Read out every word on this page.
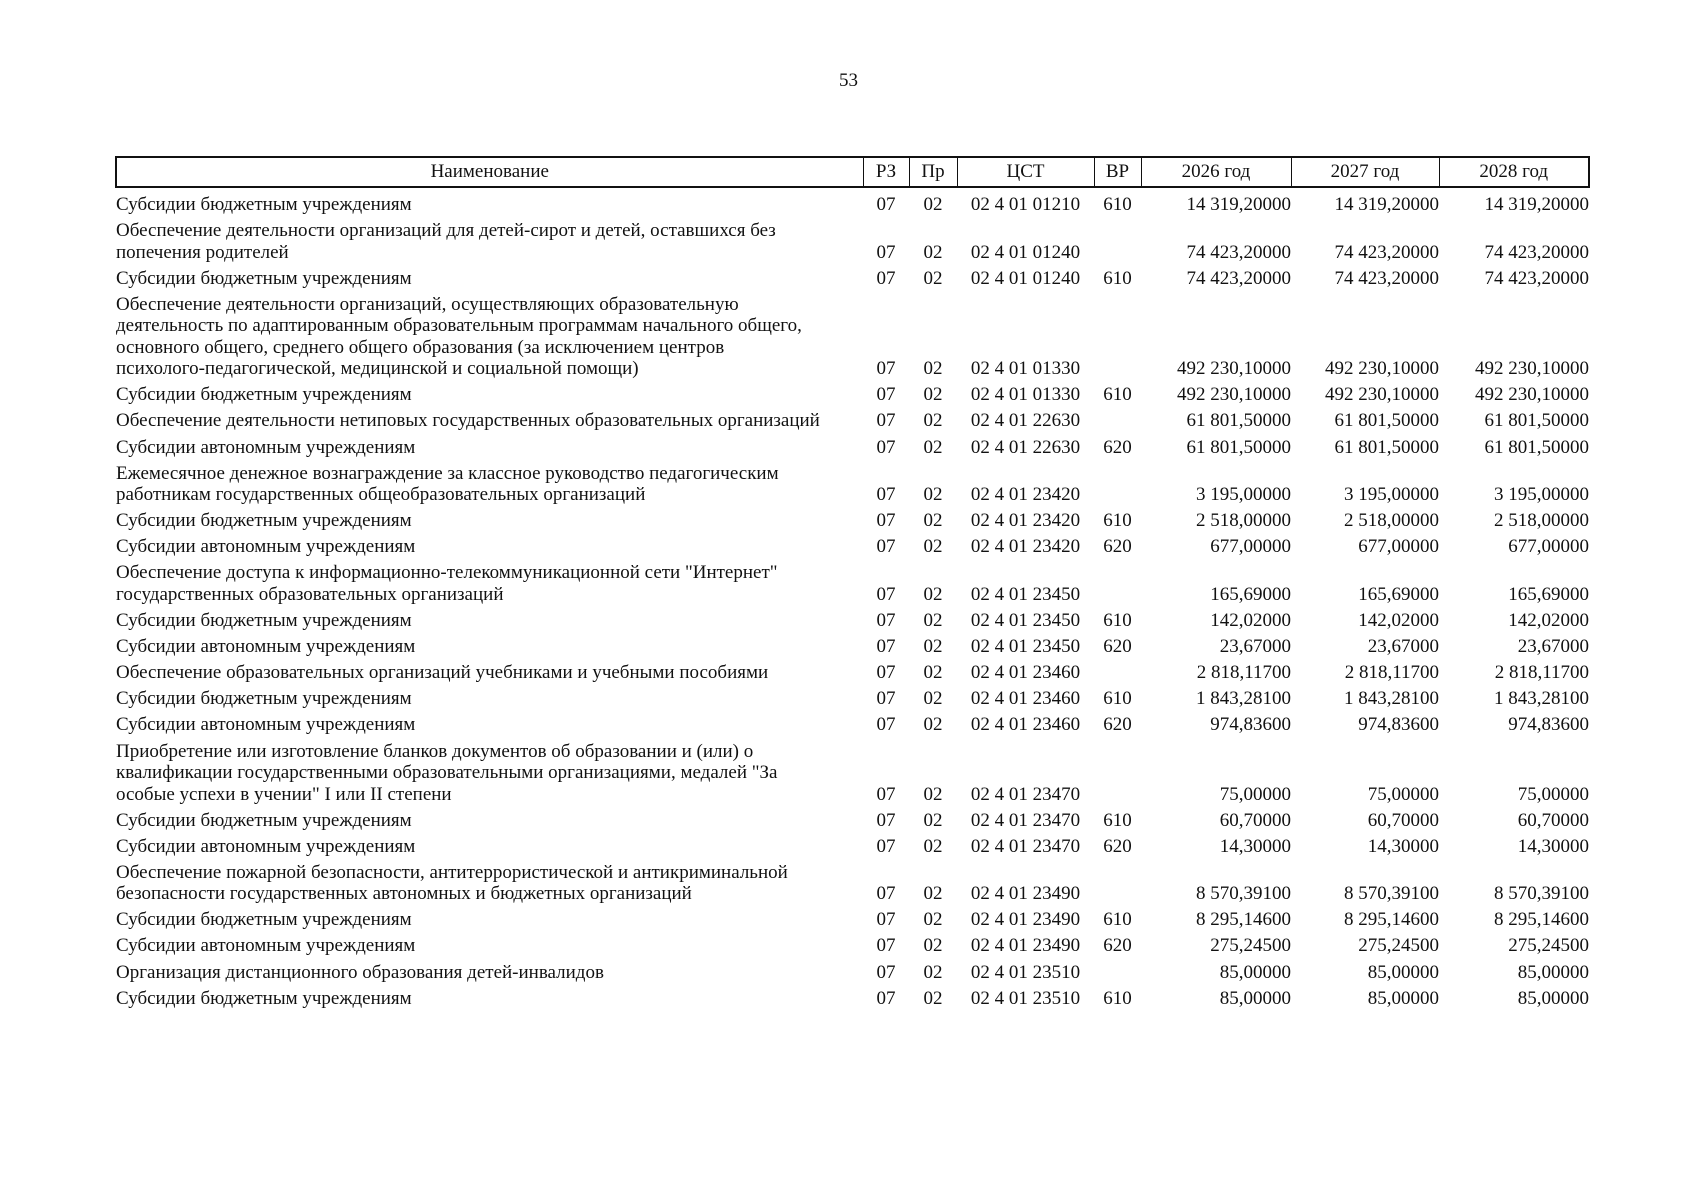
53
Наименование	РЗ	Пр	ЦСТ	ВР	2026 год	2027 год	2028 год

Субсидии бюджетным учреждениям	07	02	02 4 01 01210	610	14 319,20000	14 319,20000	14 319,20000

Обеспечение деятельности организаций для детей-сирот и детей, оставшихся без
попечения родителей	07	02	02 4 01 01240		74 423,20000	74 423,20000	74 423,20000

Субсидии бюджетным учреждениям	07	02	02 4 01 01240	610	74 423,20000	74 423,20000	74 423,20000

Обеспечение деятельности организаций, осуществляющих образовательную
деятельность по адаптированным образовательным программам начального общего,
основного общего, среднего общего образования (за исключением центров
психолого-педагогической, медицинской и социальной помощи)	07	02	02 4 01 01330		492 230,10000	492 230,10000	492 230,10000

Субсидии бюджетным учреждениям	07	02	02 4 01 01330	610	492 230,10000	492 230,10000	492 230,10000

Обеспечение деятельности нетиповых государственных образовательных организаций	07	02	02 4 01 22630		61 801,50000	61 801,50000	61 801,50000

Субсидии автономным учреждениям	07	02	02 4 01 22630	620	61 801,50000	61 801,50000	61 801,50000

Ежемесячное денежное вознаграждение за классное руководство педагогическим
работникам государственных общеобразовательных организаций	07	02	02 4 01 23420		3 195,00000	3 195,00000	3 195,00000

Субсидии бюджетным учреждениям	07	02	02 4 01 23420	610	2 518,00000	2 518,00000	2 518,00000

Субсидии автономным учреждениям	07	02	02 4 01 23420	620	677,00000	677,00000	677,00000

Обеспечение доступа к информационно-телекоммуникационной сети "Интернет"
государственных образовательных организаций	07	02	02 4 01 23450		165,69000	165,69000	165,69000

Субсидии бюджетным учреждениям	07	02	02 4 01 23450	610	142,02000	142,02000	142,02000

Субсидии автономным учреждениям	07	02	02 4 01 23450	620	23,67000	23,67000	23,67000

Обеспечение образовательных организаций учебниками и учебными пособиями	07	02	02 4 01 23460		2 818,11700	2 818,11700	2 818,11700

Субсидии бюджетным учреждениям	07	02	02 4 01 23460	610	1 843,28100	1 843,28100	1 843,28100

Субсидии автономным учреждениям	07	02	02 4 01 23460	620	974,83600	974,83600	974,83600

Приобретение или изготовление бланков документов об образовании и (или) о
квалификации государственными образовательными организациями, медалей "За
особые успехи в учении" I или II степени	07	02	02 4 01 23470		75,00000	75,00000	75,00000

Субсидии бюджетным учреждениям	07	02	02 4 01 23470	610	60,70000	60,70000	60,70000

Субсидии автономным учреждениям	07	02	02 4 01 23470	620	14,30000	14,30000	14,30000

Обеспечение пожарной безопасности, антитеррористической и антикриминальной
безопасности государственных автономных и бюджетных организаций	07	02	02 4 01 23490		8 570,39100	8 570,39100	8 570,39100

Субсидии бюджетным учреждениям	07	02	02 4 01 23490	610	8 295,14600	8 295,14600	8 295,14600

Субсидии автономным учреждениям	07	02	02 4 01 23490	620	275,24500	275,24500	275,24500

Организация дистанционного образования детей-инвалидов	07	02	02 4 01 23510		85,00000	85,00000	85,00000

Субсидии бюджетным учреждениям	07	02	02 4 01 23510	610	85,00000	85,00000	85,00000
